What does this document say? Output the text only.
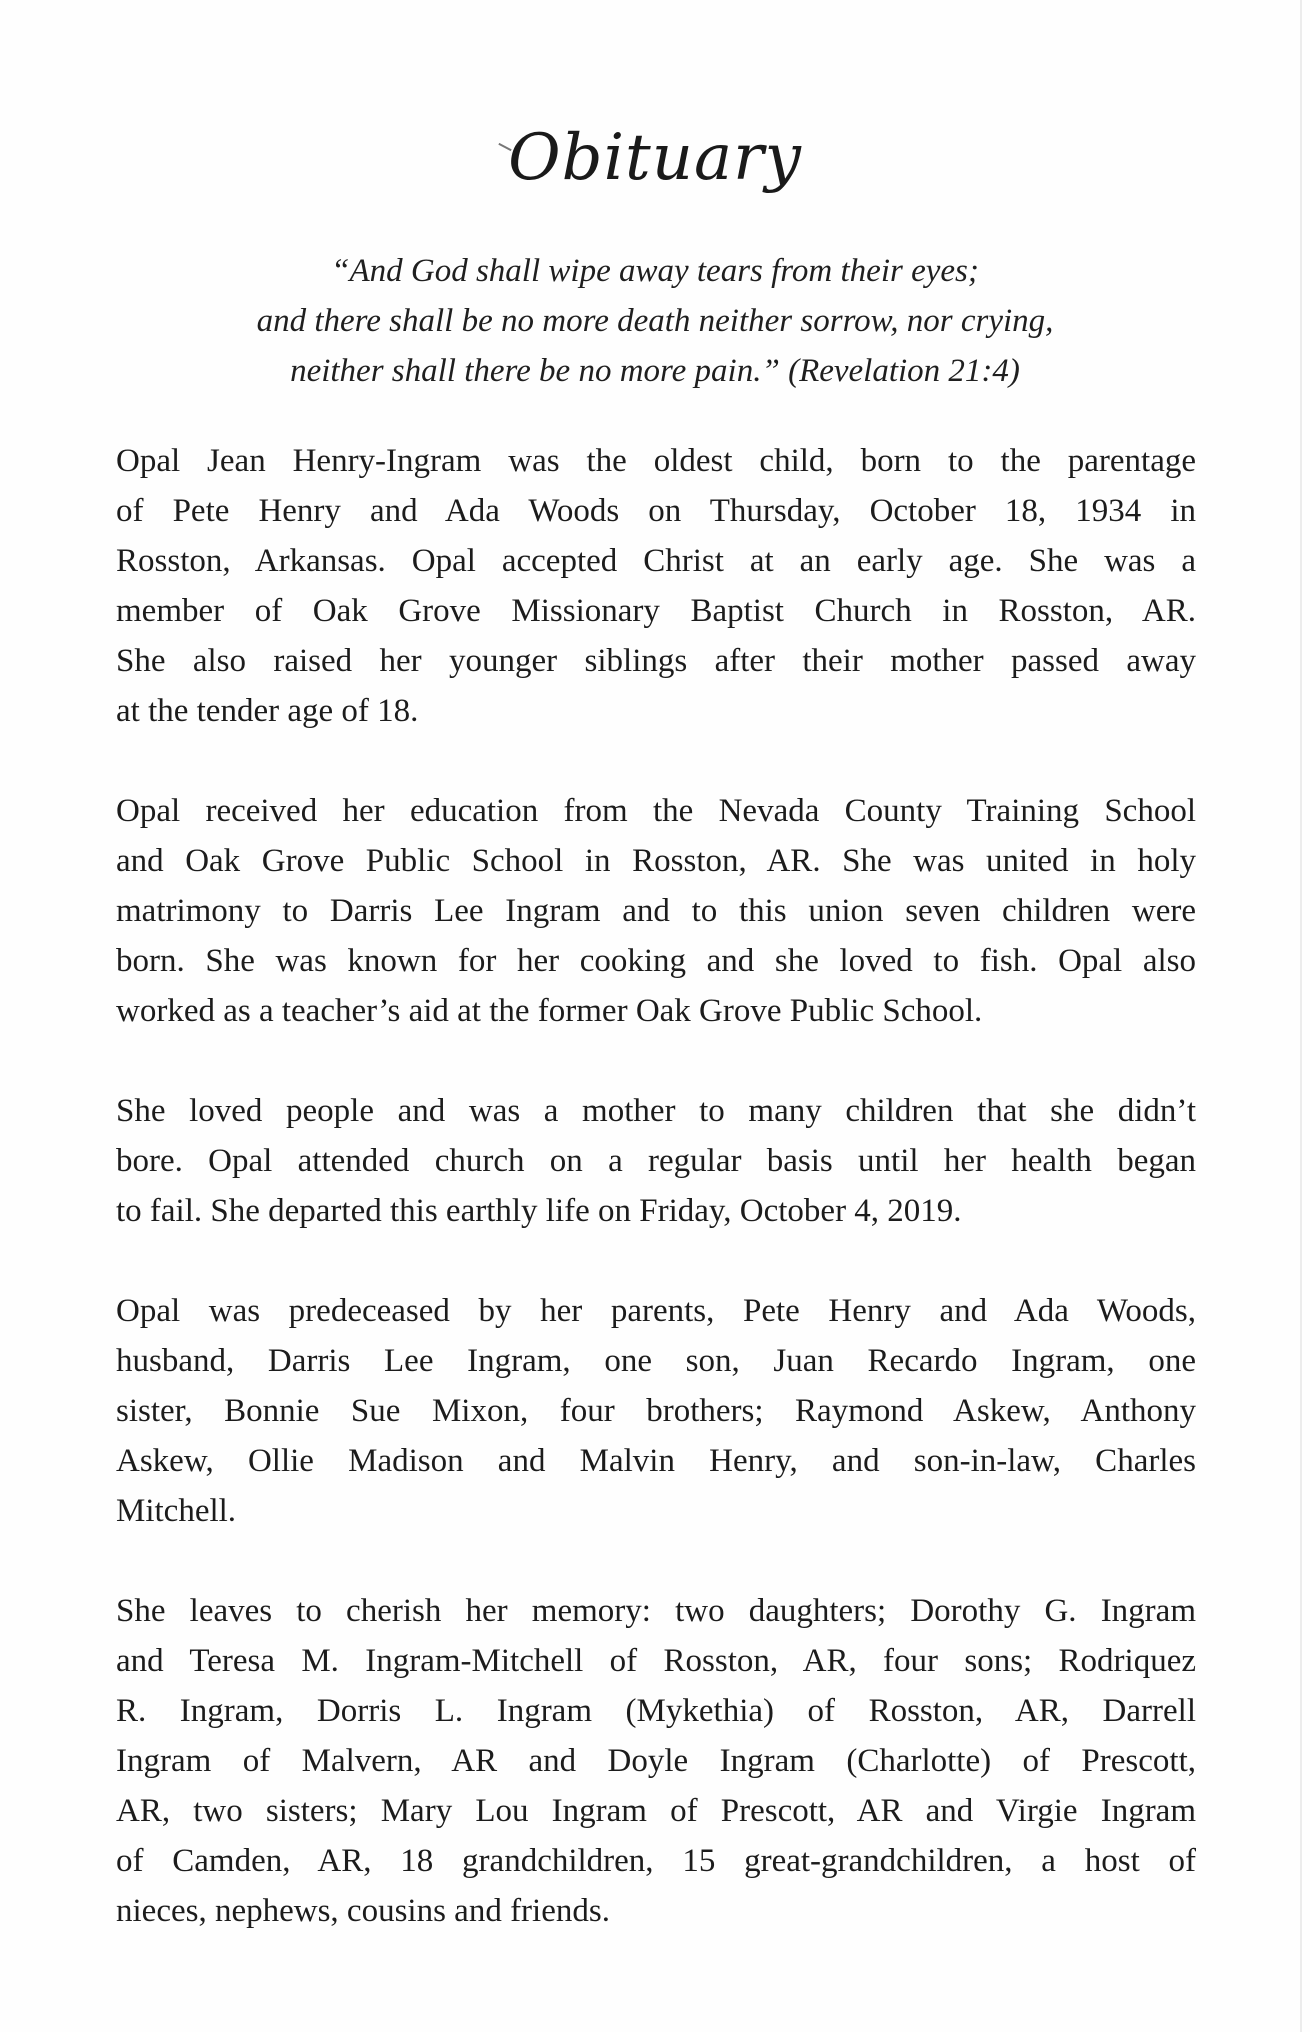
Obituary
“And God shall wipe away tears from their eyes;
and there shall be no more death neither sorrow, nor crying,
neither shall there be no more pain.” (Revelation 21:4)
Opal Jean Henry-Ingram was the oldest child, born to the parentage
of Pete Henry and Ada Woods on Thursday, October 18, 1934 in
Rosston, Arkansas. Opal accepted Christ at an early age. She was a
member of Oak Grove Missionary Baptist Church in Rosston, AR.
She also raised her younger siblings after their mother passed away
at the tender age of 18.
Opal received her education from the Nevada County Training School
and Oak Grove Public School in Rosston, AR. She was united in holy
matrimony to Darris Lee Ingram and to this union seven children were
born. She was known for her cooking and she loved to fish. Opal also
worked as a teacher’s aid at the former Oak Grove Public School.
She loved people and was a mother to many children that she didn’t
bore. Opal attended church on a regular basis until her health began
to fail. She departed this earthly life on Friday, October 4, 2019.
Opal was predeceased by her parents, Pete Henry and Ada Woods,
husband, Darris Lee Ingram, one son, Juan Recardo Ingram, one
sister, Bonnie Sue Mixon, four brothers; Raymond Askew, Anthony
Askew, Ollie Madison and Malvin Henry, and son-in-law, Charles
Mitchell.
She leaves to cherish her memory: two daughters; Dorothy G. Ingram
and Teresa M. Ingram-Mitchell of Rosston, AR, four sons; Rodriquez
R. Ingram, Dorris L. Ingram (Mykethia) of Rosston, AR, Darrell
Ingram of Malvern, AR and Doyle Ingram (Charlotte) of Prescott,
AR, two sisters; Mary Lou Ingram of Prescott, AR and Virgie Ingram
of Camden, AR, 18 grandchildren, 15 great-grandchildren, a host of
nieces, nephews, cousins and friends.
